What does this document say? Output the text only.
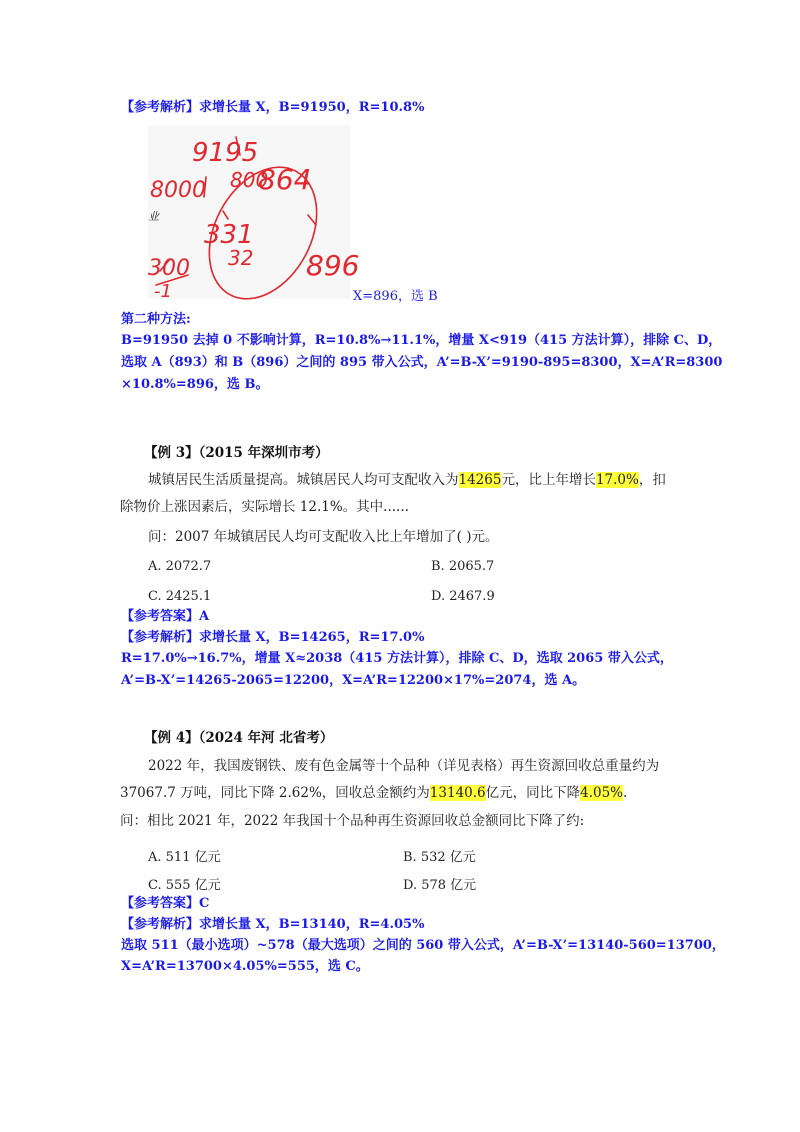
【参考解析】求增长量 X，B=91950，R=10.8%
业
9195
8000 800
864
331
32
300	896
-1	X=896，选 B
第二种方法:
B=91950 去掉 0 不影响计算，R=10.8%→11.1%，增量 X<919（415 方法计算），排除 C、D，
选取 A（893）和 B（896）之间的 895 带入公式，A’=B-X’=9190-895=8300，X=A’R=8300
×10.8%=896，选 B。
【例 3】（2015 年深圳市考）
城镇居民生活质量提高。城镇居民人均可支配收入为14265元，比上年增长17.0%，扣
除物价上涨因素后，实际增长 12.1%。其中......
问：2007 年城镇居民人均可支配收入比上年增加了( )元。
A. 2072.7	B. 2065.7
C. 2425.1	D. 2467.9
【参考答案】A
【参考解析】求增长量 X，B=14265，R=17.0%
R=17.0%→16.7%，增量 X≈2038（415 方法计算），排除 C、D，选取 2065 带入公式，
A’=B-X’=14265-2065=12200，X=A’R=12200×17%=2074，选 A。
【例 4】（2024 年河 北省考）
2022 年，我国废钢铁、废有色金属等十个品种（详见表格）再生资源回收总重量约为
37067.7 万吨，同比下降 2.62%，回收总金额约为13140.6亿元，同比下降4.05%.
问：相比 2021 年，2022 年我国十个品种再生资源回收总金额同比下降了约:
A. 511 亿元	B. 532 亿元
C. 555 亿元	D. 578 亿元
【参考答案】C
【参考解析】求增长量 X，B=13140，R=4.05%
选取 511（最小选项）~578（最大选项）之间的 560 带入公式，A’=B-X’=13140-560=13700，
X=A’R=13700×4.05%=555，选 C。
